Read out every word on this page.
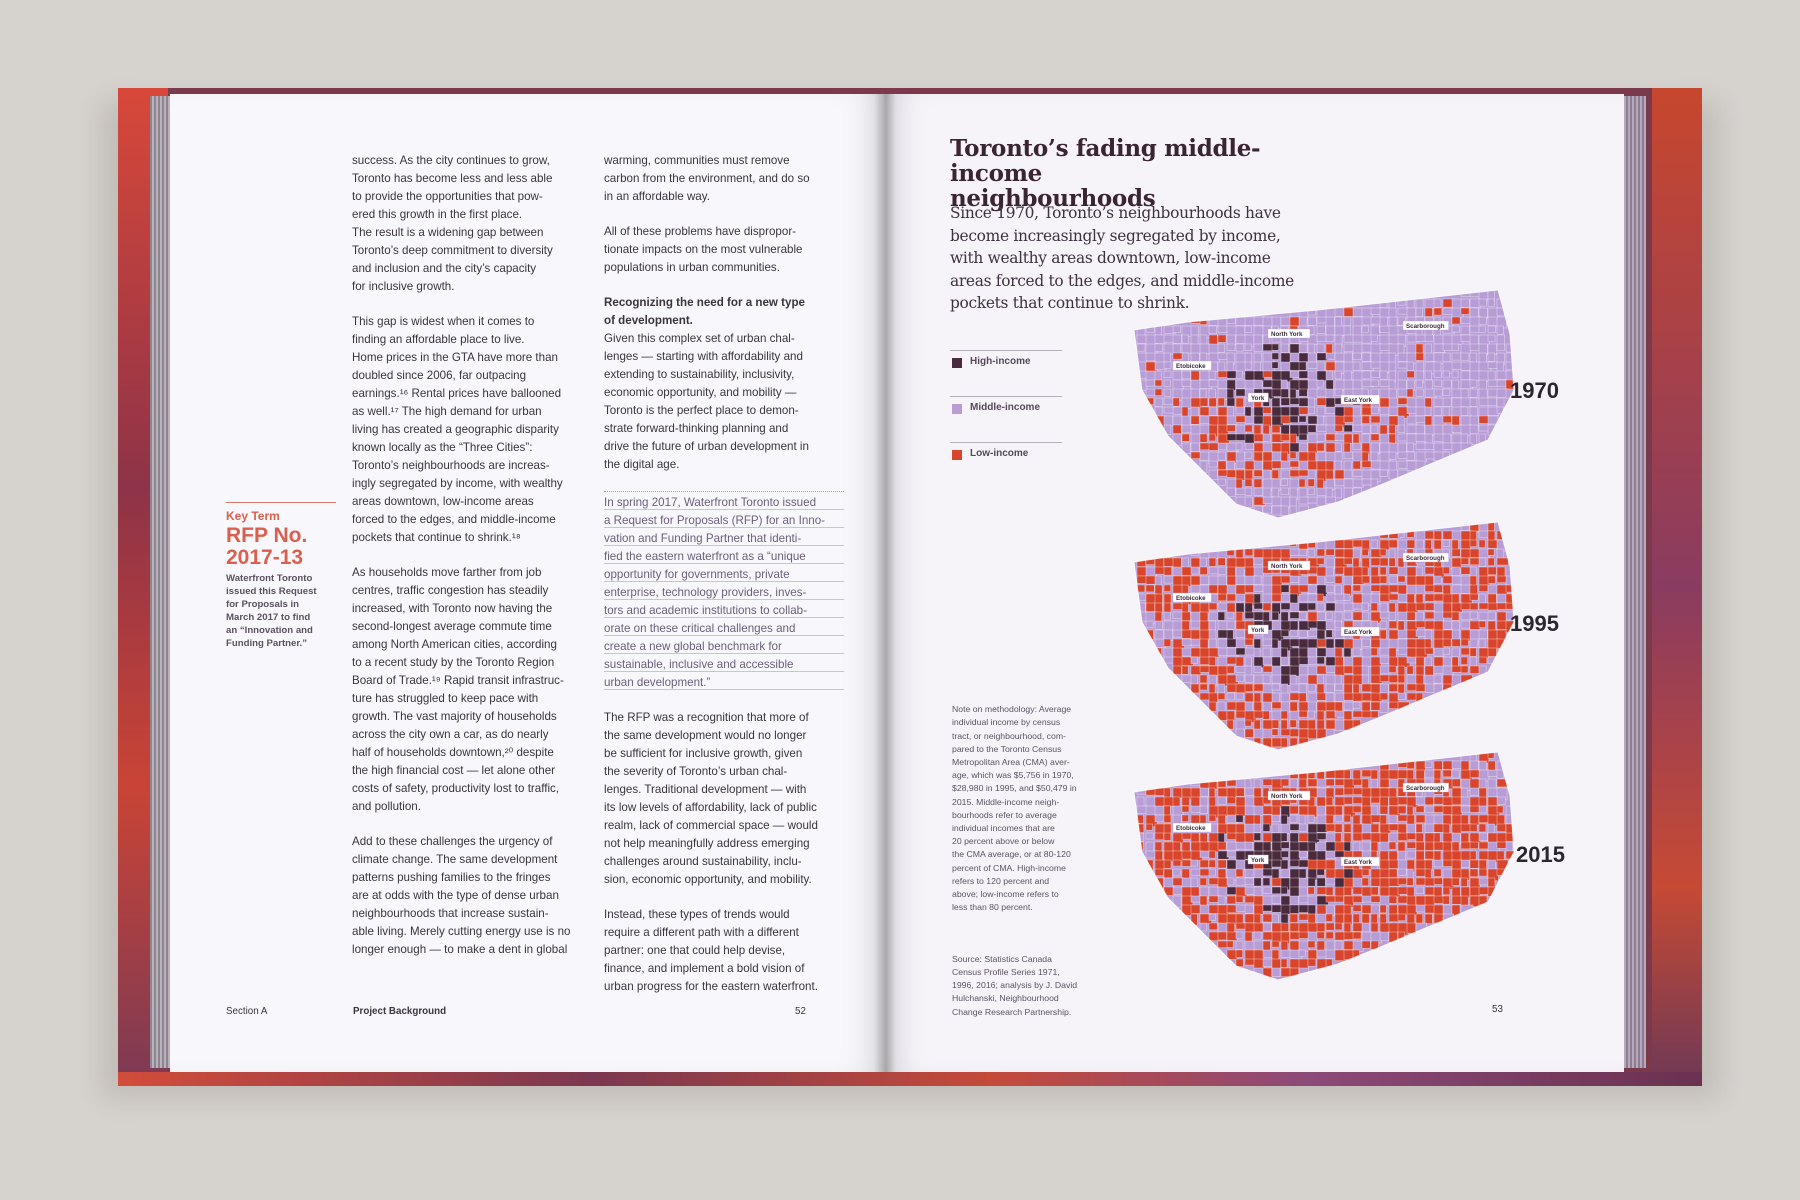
success. As the city continues to grow,
Toronto has become less and less able
to provide the opportunities that pow-
ered this growth in the first place.
The result is a widening gap between
Toronto’s deep commitment to diversity
and inclusion and the city’s capacity
for inclusive growth.

This gap is widest when it comes to
finding an affordable place to live.
Home prices in the GTA have more than
doubled since 2006, far outpacing
earnings.¹⁶ Rental prices have ballooned
as well.¹⁷ The high demand for urban
living has created a geographic disparity
known locally as the “Three Cities”:
Toronto’s neighbourhoods are increas-
ingly segregated by income, with wealthy
areas downtown, low-income areas
forced to the edges, and middle-income
pockets that continue to shrink.¹⁸

As households move farther from job
centres, traffic congestion has steadily
increased, with Toronto now having the
second-longest average commute time
among North American cities, according
to a recent study by the Toronto Region
Board of Trade.¹⁹ Rapid transit infrastruc-
ture has struggled to keep pace with
growth. The vast majority of households
across the city own a car, as do nearly
half of households downtown,²⁰ despite
the high financial cost — let alone other
costs of safety, productivity lost to traffic,
and pollution.

Add to these challenges the urgency of
climate change. The same development
patterns pushing families to the fringes
are at odds with the type of dense urban
neighbourhoods that increase sustain-
able living. Merely cutting energy use is no
longer enough — to make a dent in global

warming, communities must remove
carbon from the environment, and do so
in an affordable way.

All of these problems have dispropor-
tionate impacts on the most vulnerable
populations in urban communities.

Recognizing the need for a new type
of development.

Given this complex set of urban chal-
lenges — starting with affordability and
extending to sustainability, inclusivity,
economic opportunity, and mobility —
Toronto is the perfect place to demon-
strate forward-thinking planning and
drive the future of urban development in
the digital age.

In spring 2017, Waterfront Toronto issued
a Request for Proposals (RFP) for an Inno-
vation and Funding Partner that identi-
fied the eastern waterfront as a “unique
opportunity for governments, private
enterprise, technology providers, inves-
tors and academic institutions to collab-
orate on these critical challenges and
create a new global benchmark for
sustainable, inclusive and accessible
urban development.”

The RFP was a recognition that more of
the same development would no longer
be sufficient for inclusive growth, given
the severity of Toronto’s urban chal-
lenges. Traditional development — with
its low levels of affordability, lack of public
realm, lack of commercial space — would
not help meaningfully address emerging
challenges around sustainability, inclu-
sion, economic opportunity, and mobility.

Instead, these types of trends would
require a different path with a different
partner: one that could help devise,
finance, and implement a bold vision of
urban progress for the eastern waterfront.

Key Term
RFP No.
2017-13
Waterfront Toronto
issued this Request
for Proposals in
March 2017 to find
an “Innovation and
Funding Partner.”
Section A	Project Background	52
Toronto’s fading middle-income
neighbourhoods
Since 1970, Toronto’s neighbourhoods have
become increasingly segregated by income,
with wealthy areas downtown, low-income
areas forced to the edges, and middle-income
pockets that continue to shrink.
High-income
Middle-income
Low-income
North York
Scarborough
Etobicoke
York	East York
North York
Scarborough
Etobicoke
York	East York
North York
Scarborough
Etobicoke
York	East York
1970
1995
2015

Note on methodology: Average
individual income by census
tract, or neighbourhood, com-
pared to the Toronto Census
Metropolitan Area (CMA) aver-
age, which was $5,756 in 1970,
$28,980 in 1995, and $50,479 in
2015. Middle-income neigh-
bourhoods refer to average
individual incomes that are
20 percent above or below
the CMA average, or at 80-120
percent of CMA. High-income
refers to 120 percent and
above; low-income refers to
less than 80 percent.

Source: Statistics Canada
Census Profile Series 1971,
1996, 2016; analysis by J. David
Hulchanski, Neighbourhood
Change Research Partnership.	53
